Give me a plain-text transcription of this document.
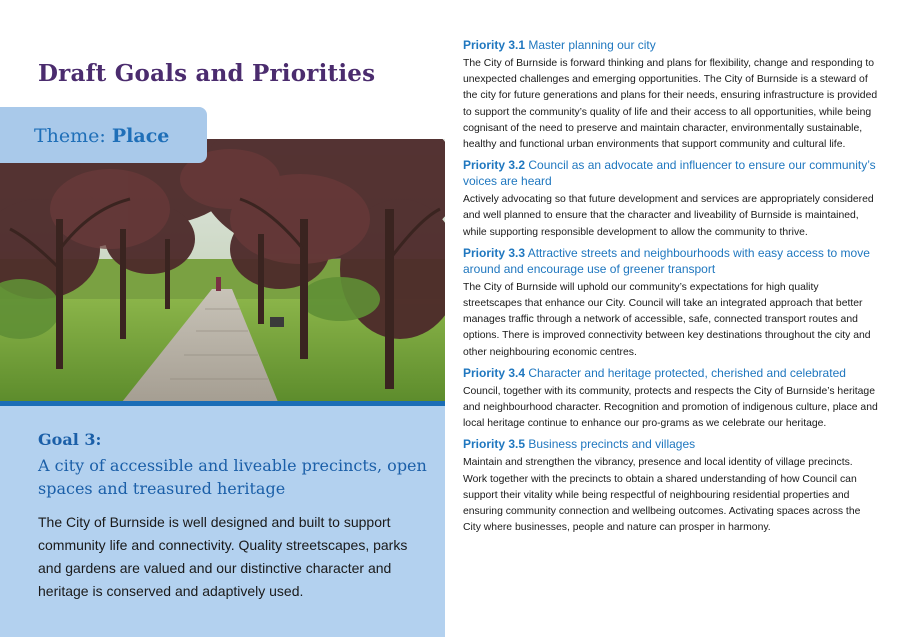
Draft Goals and Priorities
Theme: Place
Goal 3:
A city of accessible and liveable precincts, open spaces and treasured heritage
The City of Burnside is well designed and built to support community life and connectivity. Quality streetscapes, parks and gardens are valued and our distinctive character and heritage is conserved and adaptively used.
Priority 3.1 Master planning our city
The City of Burnside is forward thinking and plans for flexibility, change and responding to unexpected challenges and emerging opportunities. The City of Burnside is a steward of the city for future generations and plans for their needs, ensuring infrastructure is provided to support the community’s quality of life and their access to all opportunities, while being cognisant of the need to preserve and maintain character, environmentally sustainable, healthy and functional urban environments that support community and cultural life.
Priority 3.2 Council as an advocate and influencer to ensure our community’s voices are heard
Actively advocating so that future development and services are appropriately considered and well planned to ensure that the character and liveability of Burnside is maintained, while supporting responsible development to allow the community to thrive.
Priority 3.3 Attractive streets and neighbourhoods with easy access to move around and encourage use of greener transport
The City of Burnside will uphold our community’s expectations for high quality streetscapes that enhance our City. Council will take an integrated approach that better manages traffic through a network of accessible, safe, connected transport routes and options. There is improved connectivity between key destinations throughout the city and other neighbouring economic centres.
Priority 3.4 Character and heritage protected, cherished and celebrated
Council, together with its community, protects and respects the City of Burnside’s heritage and neighbourhood character. Recognition and promotion of indigenous culture, place and local heritage continue to enhance our pro-grams as we celebrate our heritage.
Priority 3.5 Business precincts and villages
Maintain and strengthen the vibrancy, presence and local identity of village precincts. Work together with the precincts to obtain a shared understanding of how Council can support their vitality while being respectful of neighbouring residential properties and ensuring community connection and wellbeing outcomes. Activating spaces across the City where businesses, people and nature can prosper in harmony.
